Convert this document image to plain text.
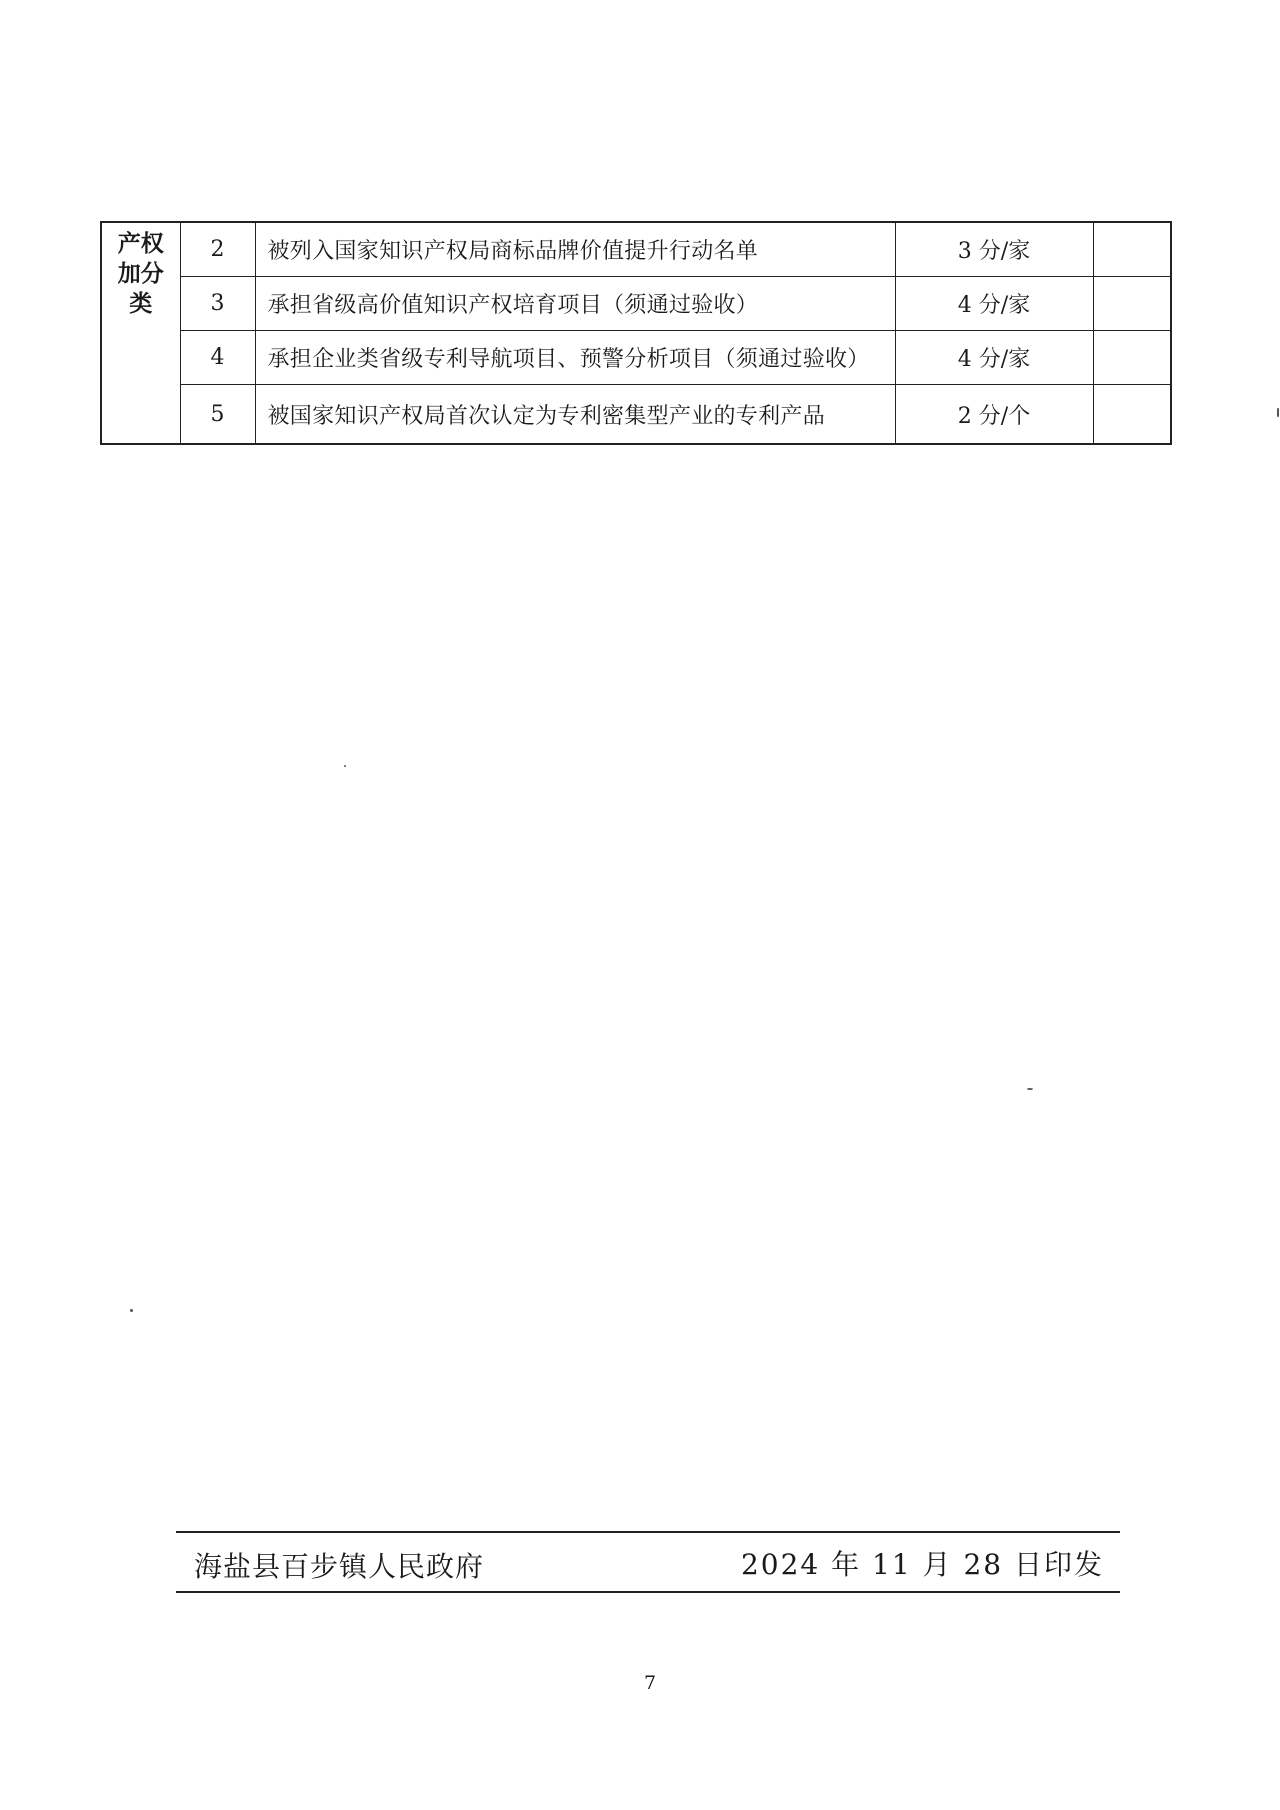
产权
加分
类	2	被列入国家知识产权局商标品牌价值提升行动名单	3 分/家	
	3	承担省级高价值知识产权培育项目（须通过验收）	4 分/家	
	4	承担企业类省级专利导航项目、预警分析项目（须通过验收）	4 分/家	
	5	被国家知识产权局首次认定为专利密集型产业的专利产品	2 分/个	
海盐县百步镇人民政府	2024 年 11 月 28 日印发
7
